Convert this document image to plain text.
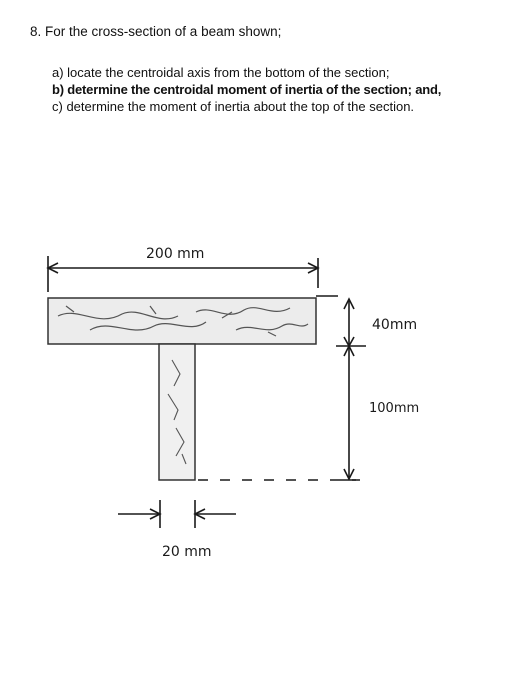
8. For the cross-section of a beam shown;
a) locate the centroidal axis from the bottom of the section;
b) determine the centroidal moment of inertia of the section; and,
c) determine the moment of inertia about the top of the section.
200 mm
40mm
100mm
20 mm
